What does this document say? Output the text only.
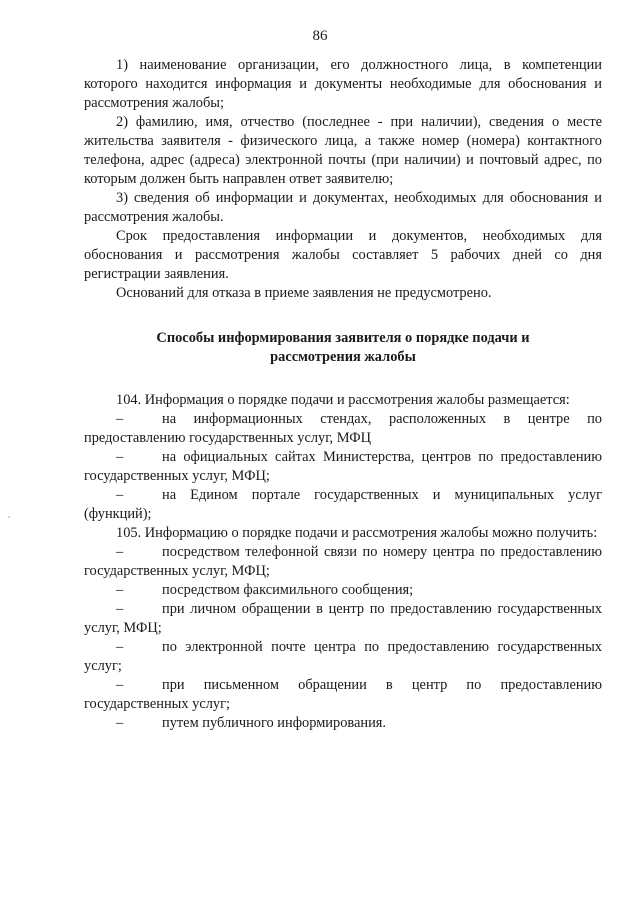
86
,

1) наименование организации, его должностного лица, в компетенции которого находится информация и документы необходимые для обоснования и рассмотрения жалобы;

2) фамилию, имя, отчество (последнее - при наличии), сведения о месте жительства заявителя - физического лица, а также номер (номера) контактного телефона, адрес (адреса) электронной почты (при наличии) и почтовый адрес, по которым должен быть направлен ответ заявителю;

3) сведения об информации и документах, необходимых для обоснования и рассмотрения жалобы.

Срок предоставления информации и документов, необходимых для обоснования и рассмотрения жалобы составляет 5 рабочих дней со дня регистрации заявления.

Оснований для отказа в приеме заявления не предусмотрено.

Способы информирования заявителя о порядке подачи и рассмотрения жалобы

104. Информация о порядке подачи и рассмотрения жалобы размещается:

–	на информационных стендах, расположенных в центре по предоставлению государственных услуг, МФЦ

–	на официальных сайтах Министерства, центров по предоставлению государственных услуг, МФЦ;

–	на Едином портале государственных и муниципальных услуг (функций);

105. Информацию о порядке подачи и рассмотрения жалобы можно получить:

–	посредством телефонной связи по номеру центра по предоставлению государственных услуг, МФЦ;

–	посредством факсимильного сообщения;

–	при личном обращении в центр по предоставлению государственных услуг, МФЦ;

–	по электронной почте центра по предоставлению государственных услуг;

–	при письменном обращении в центр по предоставлению государственных услуг;

–	путем публичного информирования.
